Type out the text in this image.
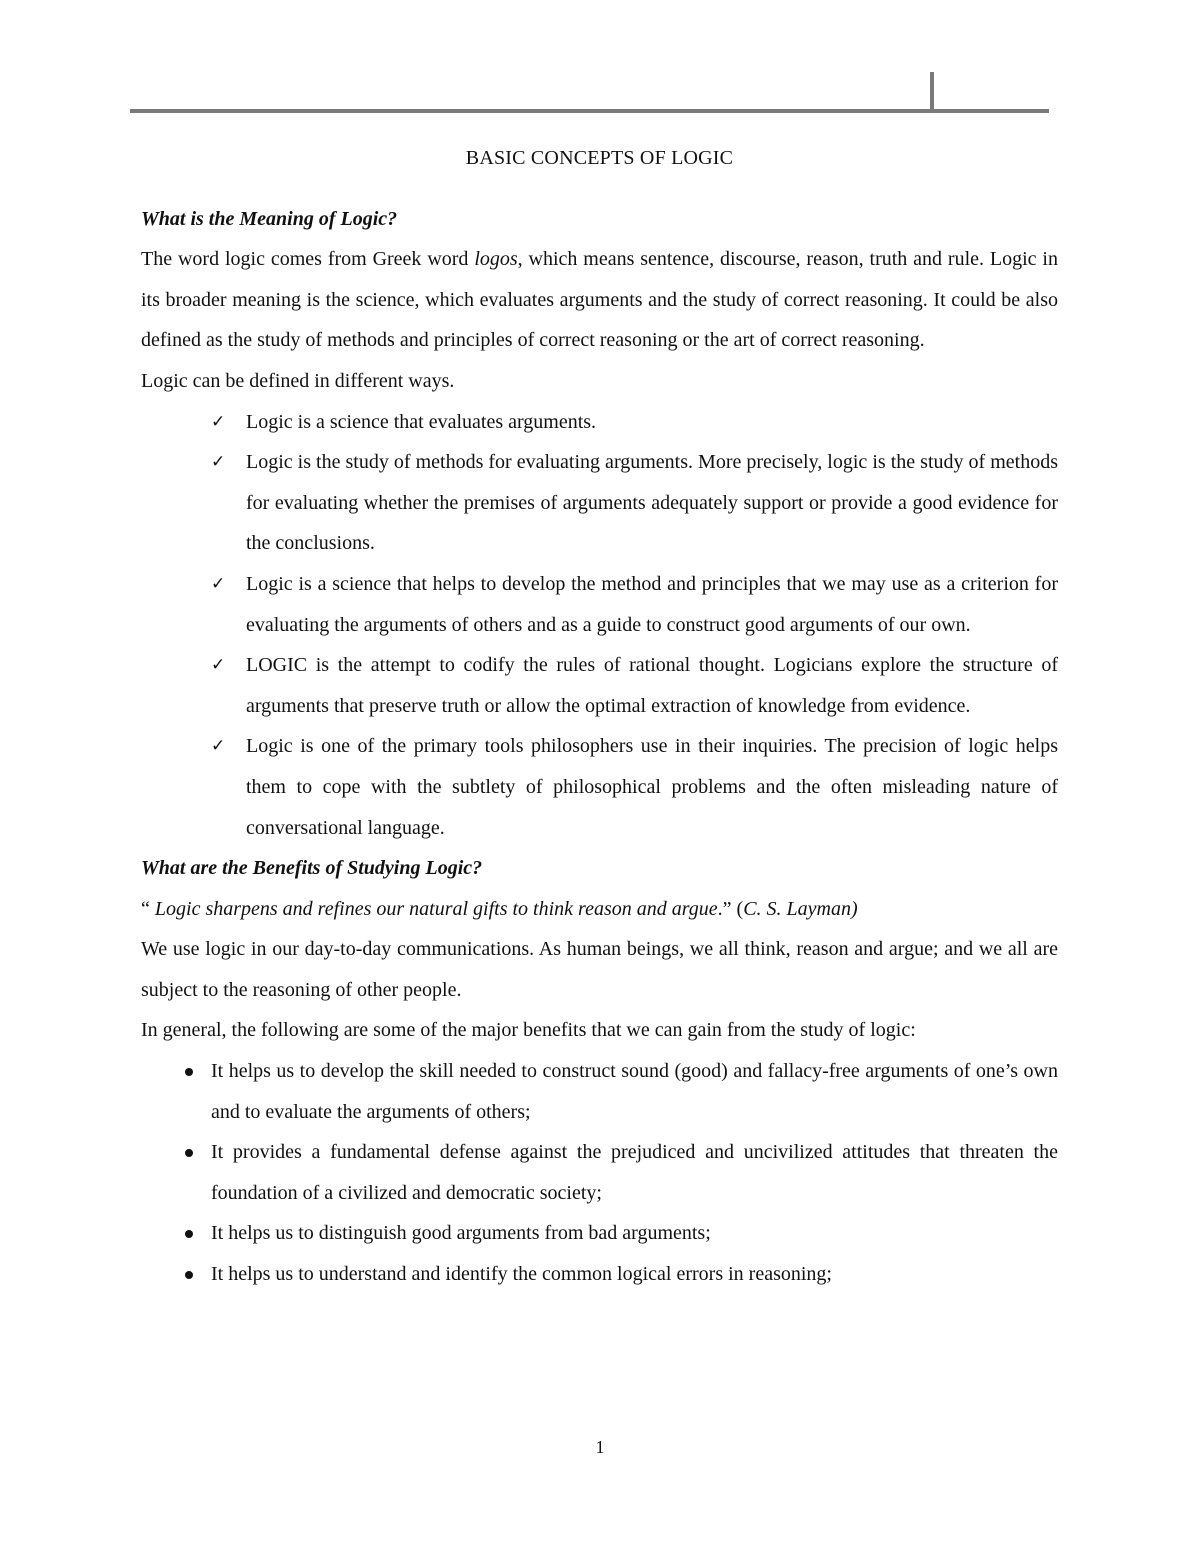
BASIC CONCEPTS OF LOGIC
What is the Meaning of Logic?

The word logic comes from Greek word logos, which means sentence, discourse, reason, truth and rule. Logic in its broader meaning is the science, which evaluates arguments and the study of correct reasoning. It could be also defined as the study of methods and principles of correct reasoning or the art of correct reasoning.

Logic can be defined in different ways.

✓ Logic is a science that evaluates arguments.
✓ Logic is the study of methods for evaluating arguments. More precisely, logic is the study of methods for evaluating whether the premises of arguments adequately support or provide a good evidence for the conclusions.
✓ Logic is a science that helps to develop the method and principles that we may use as a criterion for evaluating the arguments of others and as a guide to construct good arguments of our own.
✓ LOGIC is the attempt to codify the rules of rational thought. Logicians explore the structure of arguments that preserve truth or allow the optimal extraction of knowledge from evidence.
✓ Logic is one of the primary tools philosophers use in their inquiries. The precision of logic helps them to cope with the subtlety of philosophical problems and the often misleading nature of conversational language.
What are the Benefits of Studying Logic?

“ Logic sharpens and refines our natural gifts to think reason and argue.” (C. S. Layman)

We use logic in our day-to-day communications. As human beings, we all think, reason and argue; and we all are subject to the reasoning of other people.

In general, the following are some of the major benefits that we can gain from the study of logic:

It helps us to develop the skill needed to construct sound (good) and fallacy-free arguments of one’s own and to evaluate the arguments of others;
It provides a fundamental defense against the prejudiced and uncivilized attitudes that threaten the foundation of a civilized and democratic society;
It helps us to distinguish good arguments from bad arguments;
It helps us to understand and identify the common logical errors in reasoning;
1
